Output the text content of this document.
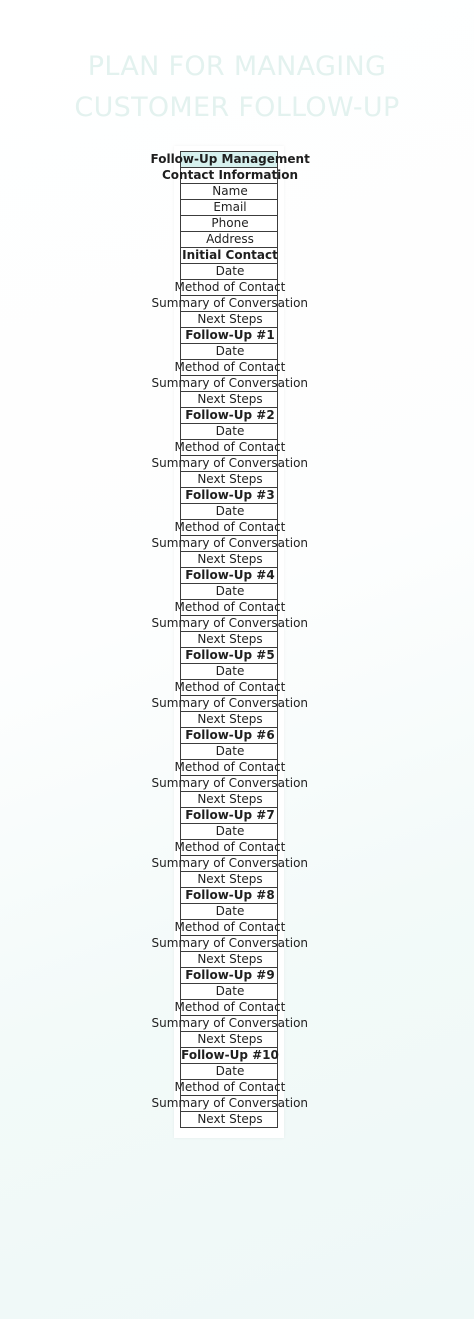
PLAN FOR MANAGING
CUSTOMER FOLLOW-UP
Follow-Up Management

Contact Information

Name

Email

Phone

Address

Initial Contact

Date

Method of Contact

Summary of Conversation

Next Steps

Follow-Up #1

Date

Method of Contact

Summary of Conversation

Next Steps

Follow-Up #2

Date

Method of Contact

Summary of Conversation

Next Steps

Follow-Up #3

Date

Method of Contact

Summary of Conversation

Next Steps

Follow-Up #4

Date

Method of Contact

Summary of Conversation

Next Steps

Follow-Up #5

Date

Method of Contact

Summary of Conversation

Next Steps

Follow-Up #6

Date

Method of Contact

Summary of Conversation

Next Steps

Follow-Up #7

Date

Method of Contact

Summary of Conversation

Next Steps

Follow-Up #8

Date

Method of Contact

Summary of Conversation

Next Steps

Follow-Up #9

Date

Method of Contact

Summary of Conversation

Next Steps

Follow-Up #10

Date

Method of Contact

Summary of Conversation

Next Steps
